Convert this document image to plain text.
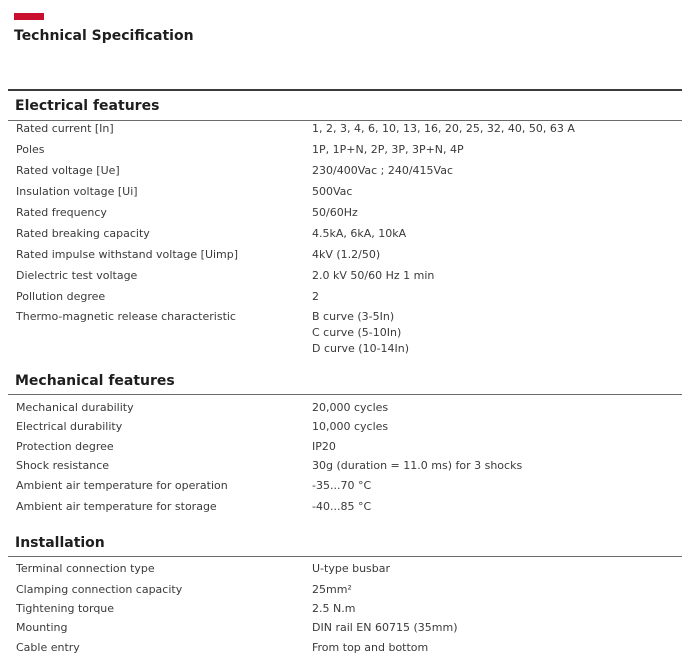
Technical Specification
Electrical features
Rated current [In]	1, 2, 3, 4, 6, 10, 13, 16, 20, 25, 32, 40, 50, 63 A
Poles	1P, 1P+N, 2P, 3P, 3P+N, 4P
Rated voltage [Ue]	230/400Vac ; 240/415Vac
Insulation voltage [Ui]	500Vac
Rated frequency	50/60Hz
Rated breaking capacity	4.5kA, 6kA, 10kA
Rated impulse withstand voltage [Uimp]	4kV (1.2/50)
Dielectric test voltage	2.0 kV 50/60 Hz 1 min
Pollution degree	2
Thermo-magnetic release characteristic	B curve (3-5In)
C curve (5-10In)
D curve (10-14In)
Mechanical features
Mechanical durability	20,000 cycles
Electrical durability	10,000 cycles
Protection degree	IP20
Shock resistance	30g (duration = 11.0 ms) for 3 shocks
Ambient air temperature for operation	-35...70 °C
Ambient air temperature for storage	-40...85 °C
Installation
Terminal connection type	U-type busbar
Clamping connection capacity	25mm²
Tightening torque	2.5 N.m
Mounting	DIN rail EN 60715 (35mm)
Cable entry	From top and bottom
